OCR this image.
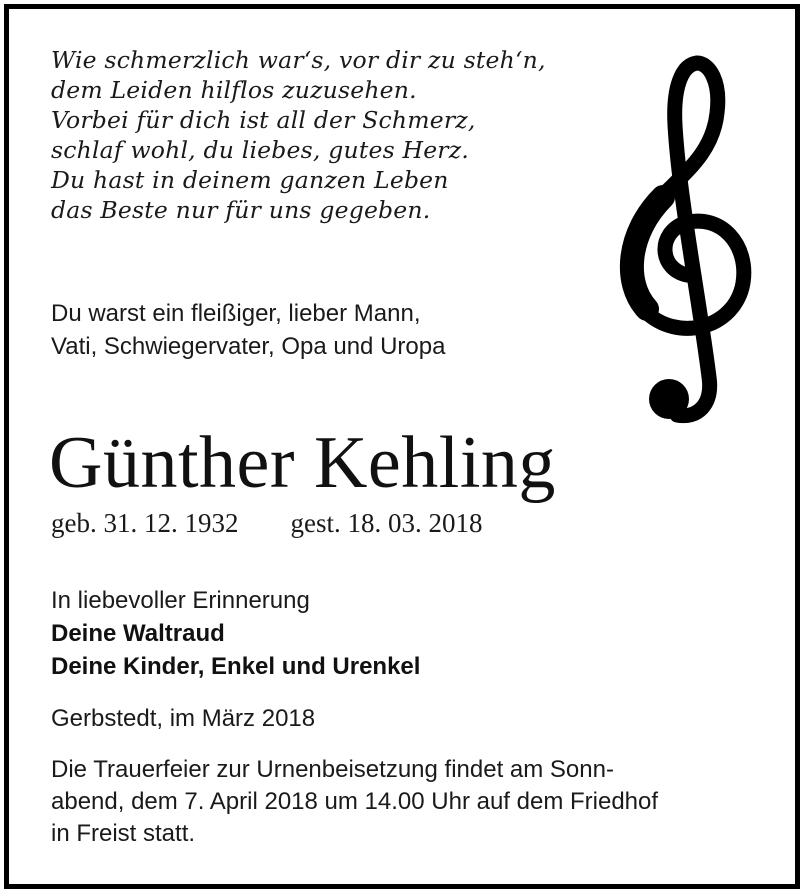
Wie schmerzlich war‘s, vor dir zu steh‘n,
dem Leiden hilflos zuzusehen.
Vorbei für dich ist all der Schmerz,
schlaf wohl, du liebes, gutes Herz.
Du hast in deinem ganzen Leben
das Beste nur für uns gegeben.
Du warst ein fleißiger, lieber Mann,
Vati, Schwiegervater, Opa und Uropa
Günther Kehling
geb. 31. 12. 1932 gest. 18. 03. 2018
In liebevoller Erinnerung
Deine Waltraud
Deine Kinder, Enkel und Urenkel
Gerbstedt, im März 2018
Die Trauerfeier zur Urnenbeisetzung findet am Sonn-
abend, dem 7. April 2018 um 14.00 Uhr auf dem Friedhof
in Freist statt.
